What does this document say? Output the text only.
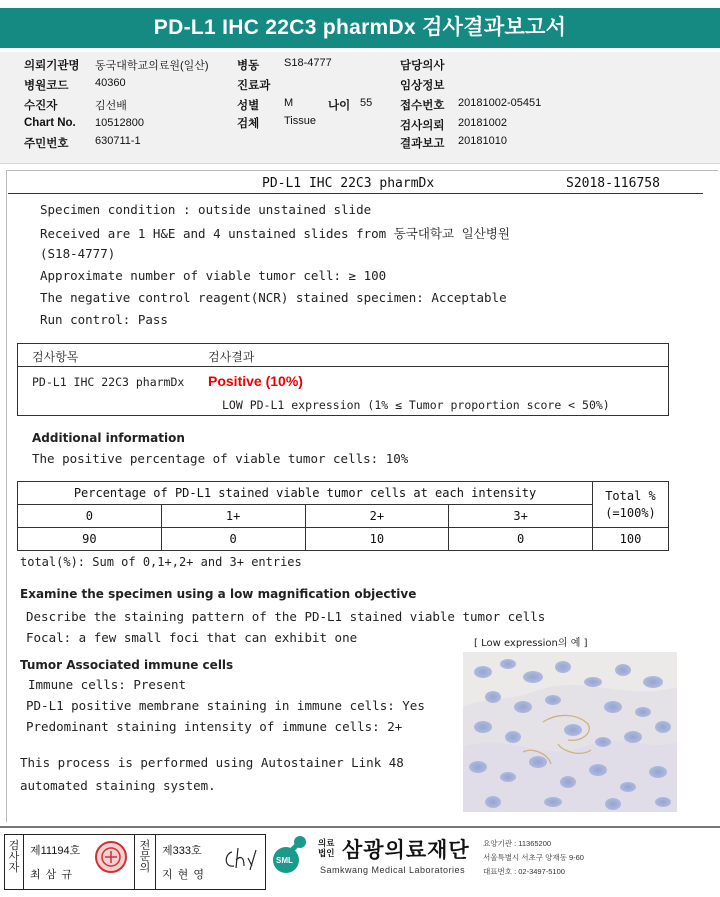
PD-L1 IHC 22C3 pharmDx 검사결과보고서
의뢰기관명 동국대학교의료원(일산)
병원코드 40360
수진자	김선배
Chart No. 10512800
주민번호 630711-1
병동 S18-4777
진료과
성별 M	나이 55
검체 Tissue
담당의사
임상정보
접수번호 20181002-05451
검사의뢰 20181002
결과보고 20181010
PD-L1 IHC 22C3 pharmDx	S2018-116758
Specimen condition : outside unstained slide
Received are 1 H&E and 4 unstained slides from 동국대학교 일산병원
(S18-4777)
Approximate number of viable tumor cell: ≥ 100
The negative control reagent(NCR) stained specimen: Acceptable
Run control: Pass
검사항목	검사결과
PD-L1 IHC 22C3 pharmDx Positive (10%)
LOW PD-L1 expression (1% ≤ Tumor proportion score < 50%)
Additional information
The positive percentage of viable tumor cells: 10%
Percentage of PD-L1 stained viable tumor cells at each intensity				Total %
(=100%)
0	1+	2+	3+	
90	0	10	0	100
total(%): Sum of 0,1+,2+ and 3+ entries
Examine the specimen using a low magnification objective
Describe the staining pattern of the PD-L1 stained viable tumor cells
Focal: a few small foci that can exhibit one	[ Low expression의 예 ]
Tumor Associated immune cells
Immune cells: Present
PD-L1 positive membrane staining in immune cells: Yes
Predominant staining intensity of immune cells: 2+
This process is performed using Autostainer Link 48
automated staining system.
검사자
제11194호
최 삼 규
전문의
제333호
지 현 영
SML
의료법인 삼광의료재단
Samkwang Medical Laboratories
요양기관 : 11365200
서울특별시 서초구 양재동 9-60
대표번호 : 02-3497-5100
